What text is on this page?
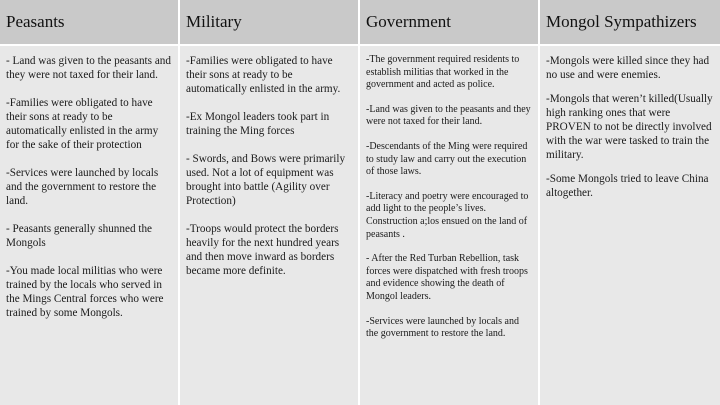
Peasants

- Land was given to the peasants and they were not taxed for their land.

-Families were obligated to have their sons at ready to be automatically enlisted in the army for the sake of their protection

-Services were launched by locals and the government to restore the land.

- Peasants generally shunned the Mongols

-You made local militias who were trained by the locals who served in the Mings Central forces who were trained by some Mongols.

Military

-Families were obligated to have their sons at ready to be automatically enlisted in the army.

-Ex Mongol leaders took part in training the Ming forces

- Swords, and Bows were primarily used. Not a lot of equipment was brought into battle (Agility over Protection)

-Troops would protect the borders heavily for the next hundred years and then move inward as borders became more definite.

Government

-The government required residents to establish militias that worked in the government and acted as police.

-Land was given to the peasants and they were not taxed for their land.

-Descendants of the Ming were required to study law and carry out the execution of those laws.

-Literacy and poetry were encouraged to add light to the people’s lives. Construction a;los ensued on the land of peasants .

- After the Red Turban Rebellion, task forces were dispatched with fresh troops and evidence showing the death of Mongol leaders.

-Services were launched by locals and the government to restore the land.

Mongol Sympathizers

-Mongols were killed since they had no use and were enemies.

-Mongols that weren’t killed(Usually high ranking ones that were PROVEN to not be directly involved with the war were tasked to train the military.

-Some Mongols tried to leave China altogether.
